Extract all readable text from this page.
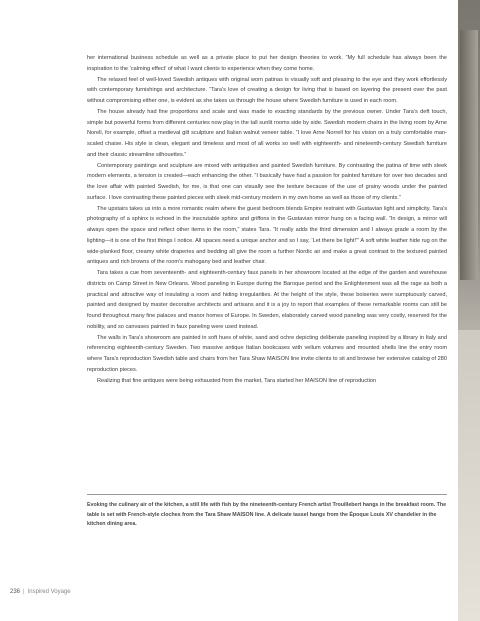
her international business schedule as well as a private place to put her design theories to work. “My full schedule has always been the inspiration to the ‘calming effect’ of what I want clients to experience when they come home.

The relaxed feel of well-loved Swedish antiques with original worn patinas is visually soft and pleasing to the eye and they work effortlessly with contemporary furnishings and architecture. “Tara's love of creating a design for living that is based on layering the present over the past without compromising either one, is evident as she takes us through the house where Swedish furniture is used in each room.

The house already had fine proportions and scale and was made to exacting standards by the previous owner. Under Tara's deft touch, simple but powerful forms from different centuries now play in the tall sunlit rooms side by side. Swedish modern chairs in the living room by Arne Norell, for example, offset a medieval gilt sculpture and Italian walnut veneer table. “I love Arne Norrell for his vision on a truly comfortable man-scaled chaise. His style is clean, elegant and timeless and most of all works so well with eighteenth- and nineteenth-century Swedish furniture and their classic streamline silhouettes.”

Contemporary paintings and sculpture are mixed with antiquities and painted Swedish furniture. By contrasting the patina of time with sleek modern elements, a tension is created—each enhancing the other. “I basically have had a passion for painted furniture for over two decades and the love affair with painted Swedish, for me, is that one can visually see the texture because of the use of grainy woods under the painted surface. I love contrasting these painted pieces with sleek mid-century modern in my own home as well as those of my clients.”

The upstairs takes us into a more romantic realm where the guest bedroom blends Empire restraint with Gustavian light and simplicity. Tara's photography of a sphinx is echoed in the inscrutable sphinx and griffons in the Gustavian mirror hung on a facing wall. “In design, a mirror will always open the space and reflect other items in the room,” states Tara. “It really adds the third dimension and I always grade a room by the lighting—it is one of the first things I notice. All spaces need a unique anchor and so I say, ‘Let there be light!’” A soft white leather hide rug on the wide-planked floor, creamy white draperies and bedding all give the room a further Nordic air and make a great contrast to the textured painted antiques and rich browns of the room's mahogany bed and leather chair.

Tara takes a cue from seventeenth- and eighteenth-century faux panels in her showroom located at the edge of the garden and warehouse districts on Camp Street in New Orleans. Wood paneling in Europe during the Baroque period and the Enlightenment was all the rage as both a practical and attractive way of insulating a room and hiding irregularities. At the height of the style, these boiseries were sumptuously carved, painted and designed by master decorative architects and artisans and it is a joy to report that examples of these remarkable rooms can still be found throughout many fine palaces and manor homes of Europe. In Sweden, elaborately carved wood paneling was very costly, reserved for the nobility, and so canvases painted in faux paneling were used instead.

The walls in Tara's showroom are painted in soft hues of white, sand and ochre depicting deliberate paneling inspired by a library in Italy and referencing eighteenth-century Sweden. Two massive antique Italian bookcases with vellum volumes and mounted shells line the entry room where Tara's reproduction Swedish table and chairs from her Tara Shaw MAISON line invite clients to sit and browse her extensive catalog of 280 reproduction pieces.

Realizing that fine antiques were being exhausted from the market, Tara started her MAISON line of reproduction

Evoking the culinary air of the kitchen, a still life with fish by the nineteenth-century French artist Trouillebert hangs in the breakfast room. The table is set with French-style cloches from the Tara Shaw MAISON line. A delicate tassel hangs from the Époque Louis XV chandelier in the kitchen dining area.
236 | Inspired Voyage
